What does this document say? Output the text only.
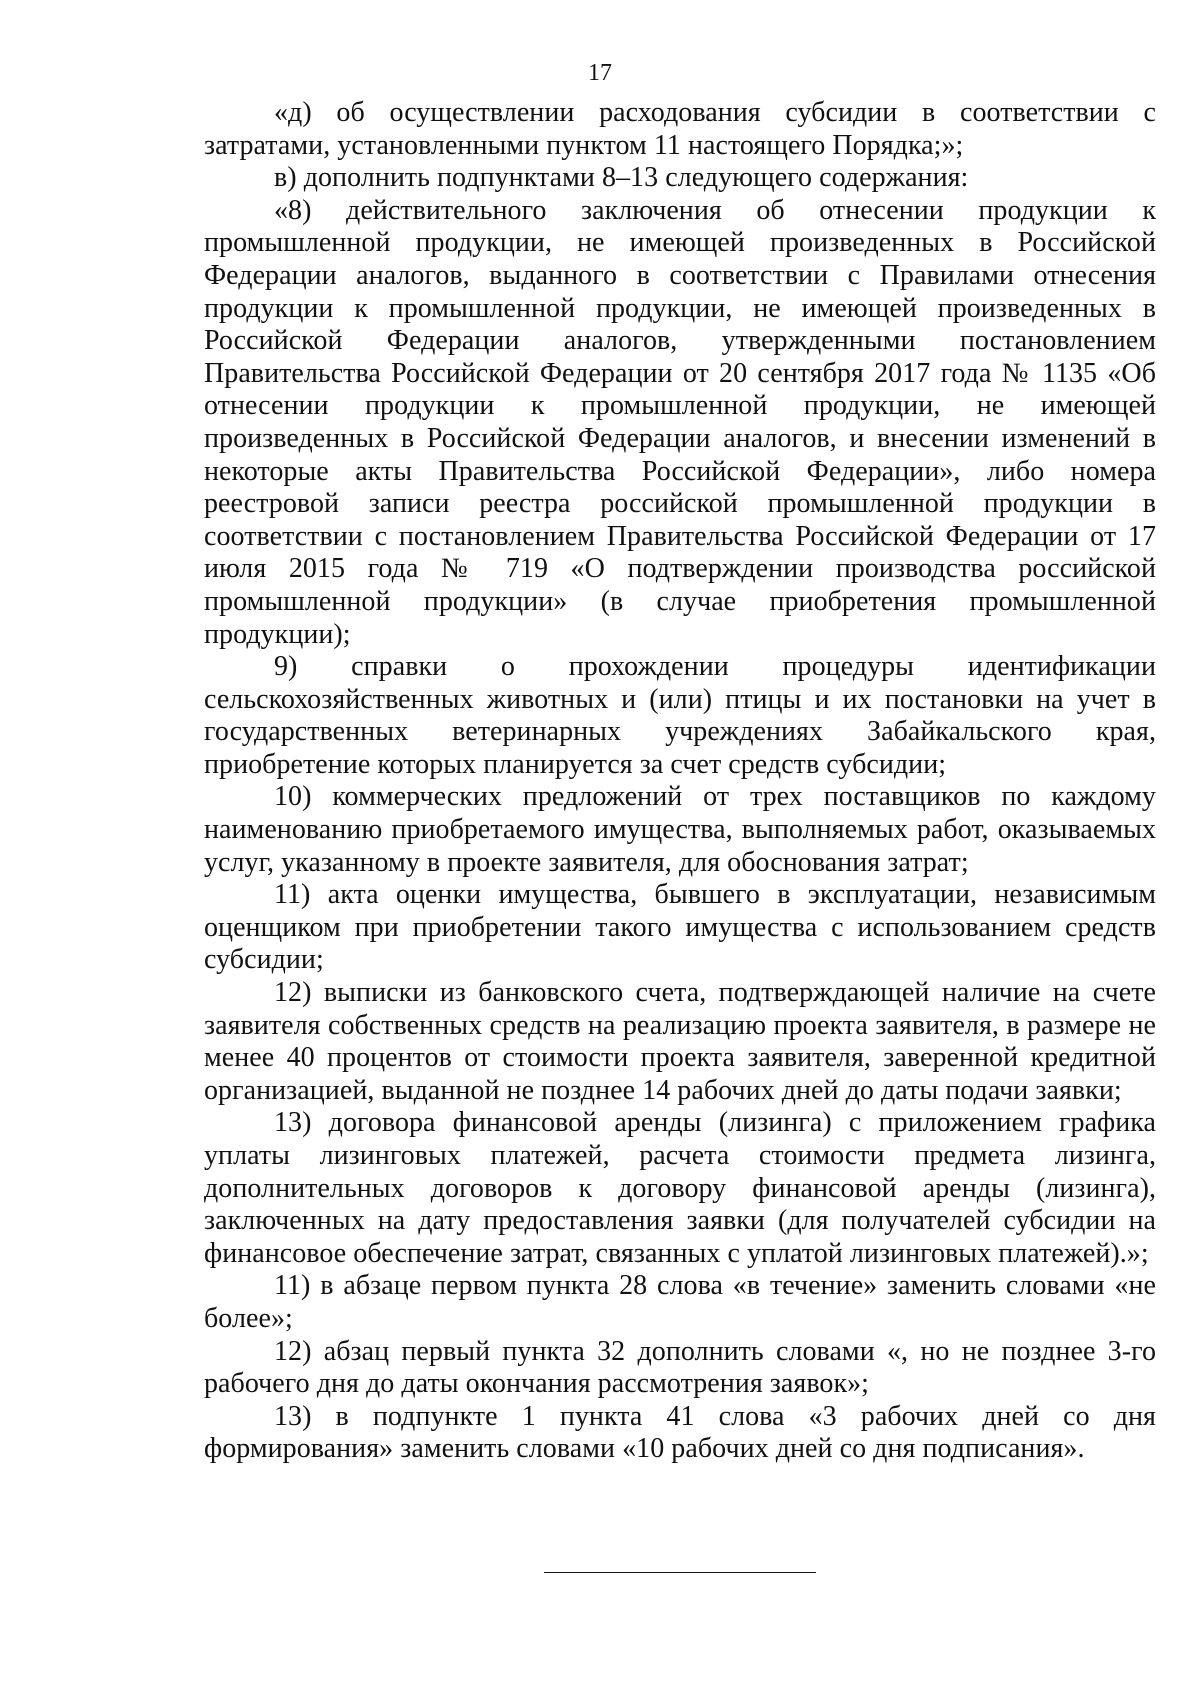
17

«д) об осуществлении расходования субсидии в соответствии с затратами, установленными пунктом 11 настоящего Порядка;»;

в) дополнить подпунктами 8–13 следующего содержания:

«8) действительного заключения об отнесении продукции к промышленной продукции, не имеющей произведенных в Российской Федерации аналогов, выданного в соответствии с Правилами отнесения продукции к промышленной продукции, не имеющей произведенных в Российской Федерации аналогов, утвержденными постановлением Правительства Российской Федерации от 20 сентября 2017 года № 1135 «Об отнесении продукции к промышленной продукции, не имеющей произведенных в Российской Федерации аналогов, и внесении изменений в некоторые акты Правительства Российской Федерации», либо номера реестровой записи реестра российской промышленной продукции в соответствии с постановлением Правительства Российской Федерации от 17 июля 2015 года № 719 «О подтверждении производства российской промышленной продукции» (в случае приобретения промышленной продукции);

9) справки о прохождении процедуры идентификации сельскохозяйственных животных и (или) птицы и их постановки на учет в государственных ветеринарных учреждениях Забайкальского края, приобретение которых планируется за счет средств субсидии;

10) коммерческих предложений от трех поставщиков по каждому наименованию приобретаемого имущества, выполняемых работ, оказываемых услуг, указанному в проекте заявителя, для обоснования затрат;

11) акта оценки имущества, бывшего в эксплуатации, независимым оценщиком при приобретении такого имущества с использованием средств субсидии;

12) выписки из банковского счета, подтверждающей наличие на счете заявителя собственных средств на реализацию проекта заявителя, в размере не менее 40 процентов от стоимости проекта заявителя, заверенной кредитной организацией, выданной не позднее 14 рабочих дней до даты подачи заявки;

13) договора финансовой аренды (лизинга) с приложением графика уплаты лизинговых платежей, расчета стоимости предмета лизинга, дополнительных договоров к договору финансовой аренды (лизинга), заключенных на дату предоставления заявки (для получателей субсидии на финансовое обеспечение затрат, связанных с уплатой лизинговых платежей).»;

11) в абзаце первом пункта 28 слова «в течение» заменить словами «не более»;

12) абзац первый пункта 32 дополнить словами «, но не позднее 3-го рабочего дня до даты окончания рассмотрения заявок»;

13) в подпункте 1 пункта 41 слова «3 рабочих дней со дня формирования» заменить словами «10 рабочих дней со дня подписания».
